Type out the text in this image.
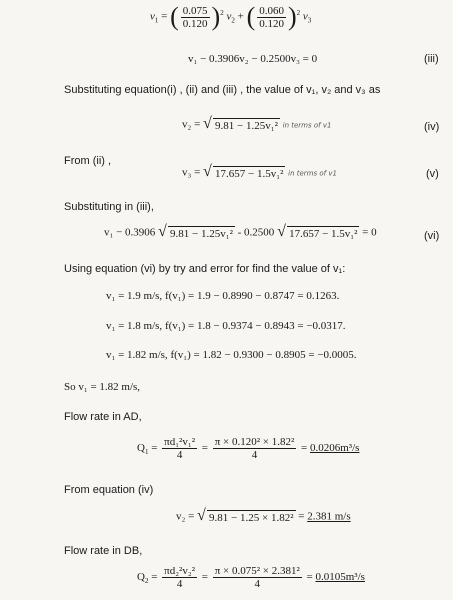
$v_1$ = ( $\frac{0.075}{0.120} )^2$ $v_2$ + ( $\frac{0.060}{0.120} )^2$ $v_3$
v₁ − 0.3906v₂ − 0.2500v₃ = 0	(iii)
Substituting equation(i) , (ii) and (iii) , the value of v₁, v₂ and v₃ as
v₂ = √ 9.81 − 1.25v₁² in terms of v1	(iv)
From (ii) ,
v₃ = √ 17.657 − 1.5v₁² in terms of v1	(v)
Substituting in (iii),
v₁ − 0.3906 √ 9.81 − 1.25v₁² - 0.2500 √ 17.657 − 1.5v₁² = 0	(vi)
Using equation (vi) by try and error for find the value of v₁:
v₁ = 1.9 m/s, f(v₁) = 1.9 − 0.8990 − 0.8747 = 0.1263.
v₁ = 1.8 m/s, f(v₁) = 1.8 − 0.9374 − 0.8943 = −0.0317.
v₁ = 1.82 m/s, f(v₁) = 1.82 − 0.9300 − 0.8905 = −0.0005.
So v₁ = 1.82 m/s,
Flow rate in AD,
$Q_1 = \frac{\text{πd₁²v₁²}}{4} = \frac{\text{π × 0.120² × 1.82²}}{4} = 0.0206m^3/s$
From equation (iv)
v₂ = √ 9.81 − 1.25 × 1.82² = 2.381 m/s
Flow rate in DB,
$Q_2 = \frac{\text{πd₂²v₂²}}{4} = \frac{\text{π × 0.075² × 2.381²}}{4} = 0.0105m^3/s$
